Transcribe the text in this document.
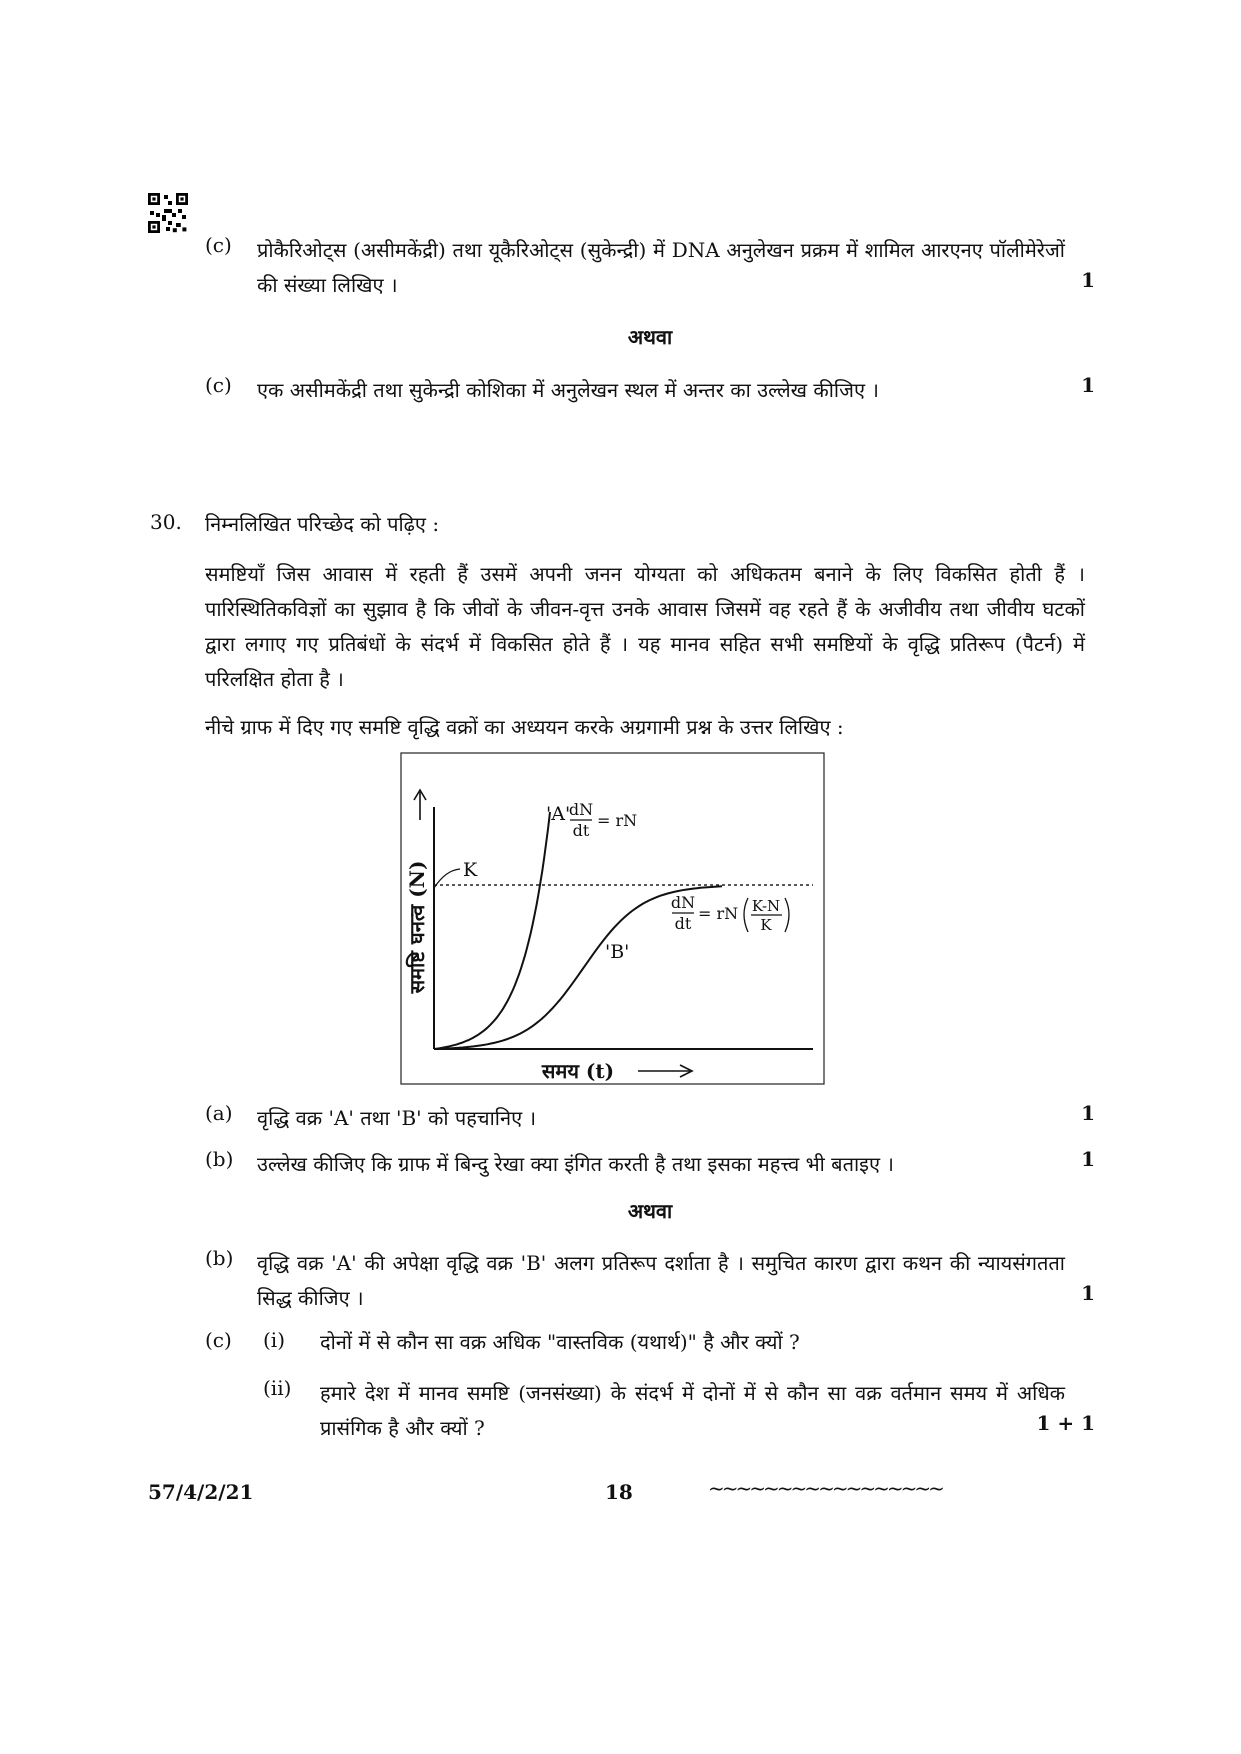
(c) प्रोकैरिओट्स (असीमकेंद्री) तथा यूकैरिओट्स (सुकेन्द्री) में DNA अनुलेखन प्रक्रम में शामिल आरएनए पॉलीमेरेजों की संख्या लिखिए ।	1
अथवा
(c) एक असीमकेंद्री तथा सुकेन्द्री कोशिका में अनुलेखन स्थल में अन्तर का उल्लेख कीजिए ।	1
30. निम्नलिखित परिच्छेद को पढ़िए :
समष्टियाँ जिस आवास में रहती हैं उसमें अपनी जनन योग्यता को अधिकतम बनाने के लिए विकसित होती हैं । पारिस्थितिकविज्ञों का सुझाव है कि जीवों के जीवन-वृत्त उनके आवास जिसमें वह रहते हैं के अजीवीय तथा जीवीय घटकों द्वारा लगाए गए प्रतिबंधों के संदर्भ में विकसित होते हैं । यह मानव सहित सभी समष्टियों के वृद्धि प्रतिरूप (पैटर्न) में परिलक्षित होता है ।
नीचे ग्राफ में दिए गए समष्टि वृद्धि वक्रों का अध्ययन करके अग्रगामी प्रश्न के उत्तर लिखिए :
समष्टि घनत्व (N)
समय (t)
K
'A'
dN
dt
= rN
'B'
dN
dt
= rN K-N
K
(a) वृद्धि वक्र 'A' तथा 'B' को पहचानिए ।	1
(b) उल्लेख कीजिए कि ग्राफ में बिन्दु रेखा क्या इंगित करती है तथा इसका महत्त्व भी बताइए ।	1
अथवा
(b) वृद्धि वक्र 'A' की अपेक्षा वृद्धि वक्र 'B' अलग प्रतिरूप दर्शाता है । समुचित कारण द्वारा कथन की न्यायसंगतता सिद्ध कीजिए ।	1
(c) (i) दोनों में से कौन सा वक्र अधिक "वास्तविक (यथार्थ)" है और क्यों ?
(ii) हमारे देश में मानव समष्टि (जनसंख्या) के संदर्भ में दोनों में से कौन सा वक्र वर्तमान समय में अधिक प्रासंगिक है और क्यों ?	1 + 1
57/4/2/21	18	~~~~~~~~~~~~~~~~~
